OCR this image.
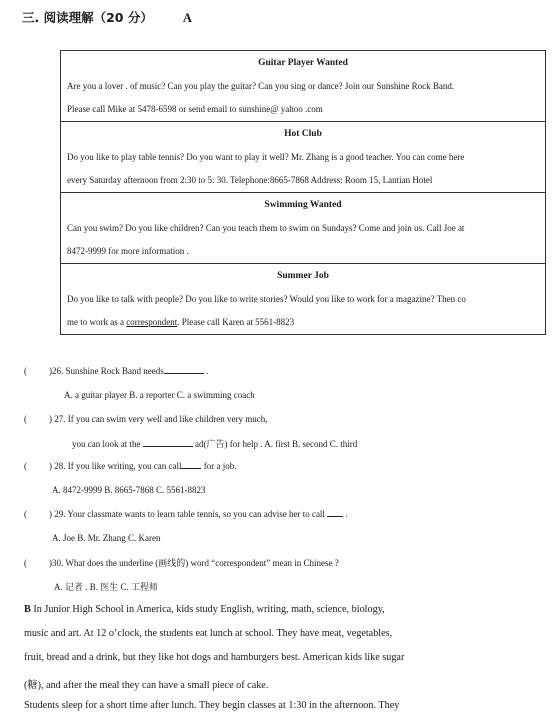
三. 阅读理解（20 分） A
Guitar Player Wanted
Are you a lover . of music? Can you play the guitar? Can you sing or dance? Join our Sunshine Rock Band.
Please call Mike at 5478-6598 or send email to sunshine@ yahoo .com
Hot Club
Do you like to play table tennis? Do you want to play it well? Mr. Zhang is a good teacher. You can come here
every Saturday afternoon from 2:30 to 5: 30. Telephone:8665-7868 Address: Room 15, Lantian Hotel
Swimming Wanted
Can you swim? Do you like children? Can you teach them to swim on Sundays? Come and join us. Call Joe at
8472-9999 for more information .
Summer Job
Do you like to talk with people? Do you like to write stories? Would you like to work for a magazine? Then co
me to work as a correspondent. Please call Karen at 5561-8823
( )26. Sunshine Rock Band needs	.
A. a guitar player B. a reporter C. a swimming coach
( ) 27. If you can swim very well and like children very much,
you can look at the	ad(广告) for help . A. first B. second C. third
( ) 28. If you like writing, you can call for a job.
A. 8472-9999 B. 8665-7868 C. 5561-8823
( ) 29. Your classmate wants to learn table tennis, so you can advise her to call  .
A. Joe B. Mr. Zhang C. Karen
( )30. What does the underline (画线的) word “correspondent” mean in Chinese ?
A. 记者 . B. 医生 C. 工程师
B In Junior High School in America, kids study English, writing, math, science, biology,
music and art. At 12 o’clock, the students eat lunch at school. They have meat, vegetables,
fruit, bread and a drink, but they like hot dogs and hamburgers best. American kids like sugar
(糖), and after the meal they can have a small piece of cake.
Students sleep for a short time after lunch. They begin classes at 1:30 in the afternoon. They
